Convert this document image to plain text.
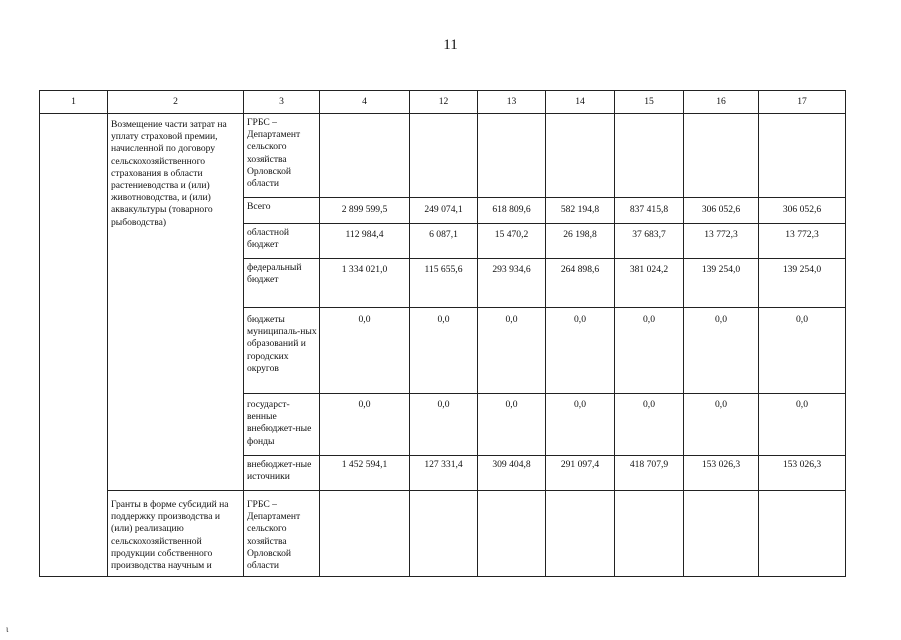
11
1	2	3	4	12	13	14	15	16	17
	Возмещение части затрат на уплату страховой премии, начисленной по договору сельскохозяйственного страхования в области растениеводства и (или) животноводства, и (или) аквакультуры (товарного рыбоводства)	ГРБС – Департамент сельского хозяйства Орловской области							
		Всего	2 899 599,5	249 074,1	618 809,6	582 194,8	837 415,8	306 052,6	306 052,6
		областной бюджет	112 984,4	6 087,1	15 470,2	26 198,8	37 683,7	13 772,3	13 772,3
		федеральный бюджет	1 334 021,0	115 655,6	293 934,6	264 898,6	381 024,2	139 254,0	139 254,0
		бюджеты муниципаль-ных образований и городских округов	0,0	0,0	0,0	0,0	0,0	0,0	0,0
		государст-венные внебюджет-ные фонды	0,0	0,0	0,0	0,0	0,0	0,0	0,0
		внебюджет-ные источники	1 452 594,1	127 331,4	309 404,8	291 097,4	418 707,9	153 026,3	153 026,3
	Гранты в форме субсидий на поддержку производства и (или) реализацию сельскохозяйственной продукции собственного производства научным и	ГРБС – Департамент сельского хозяйства Орловской области							
ι
